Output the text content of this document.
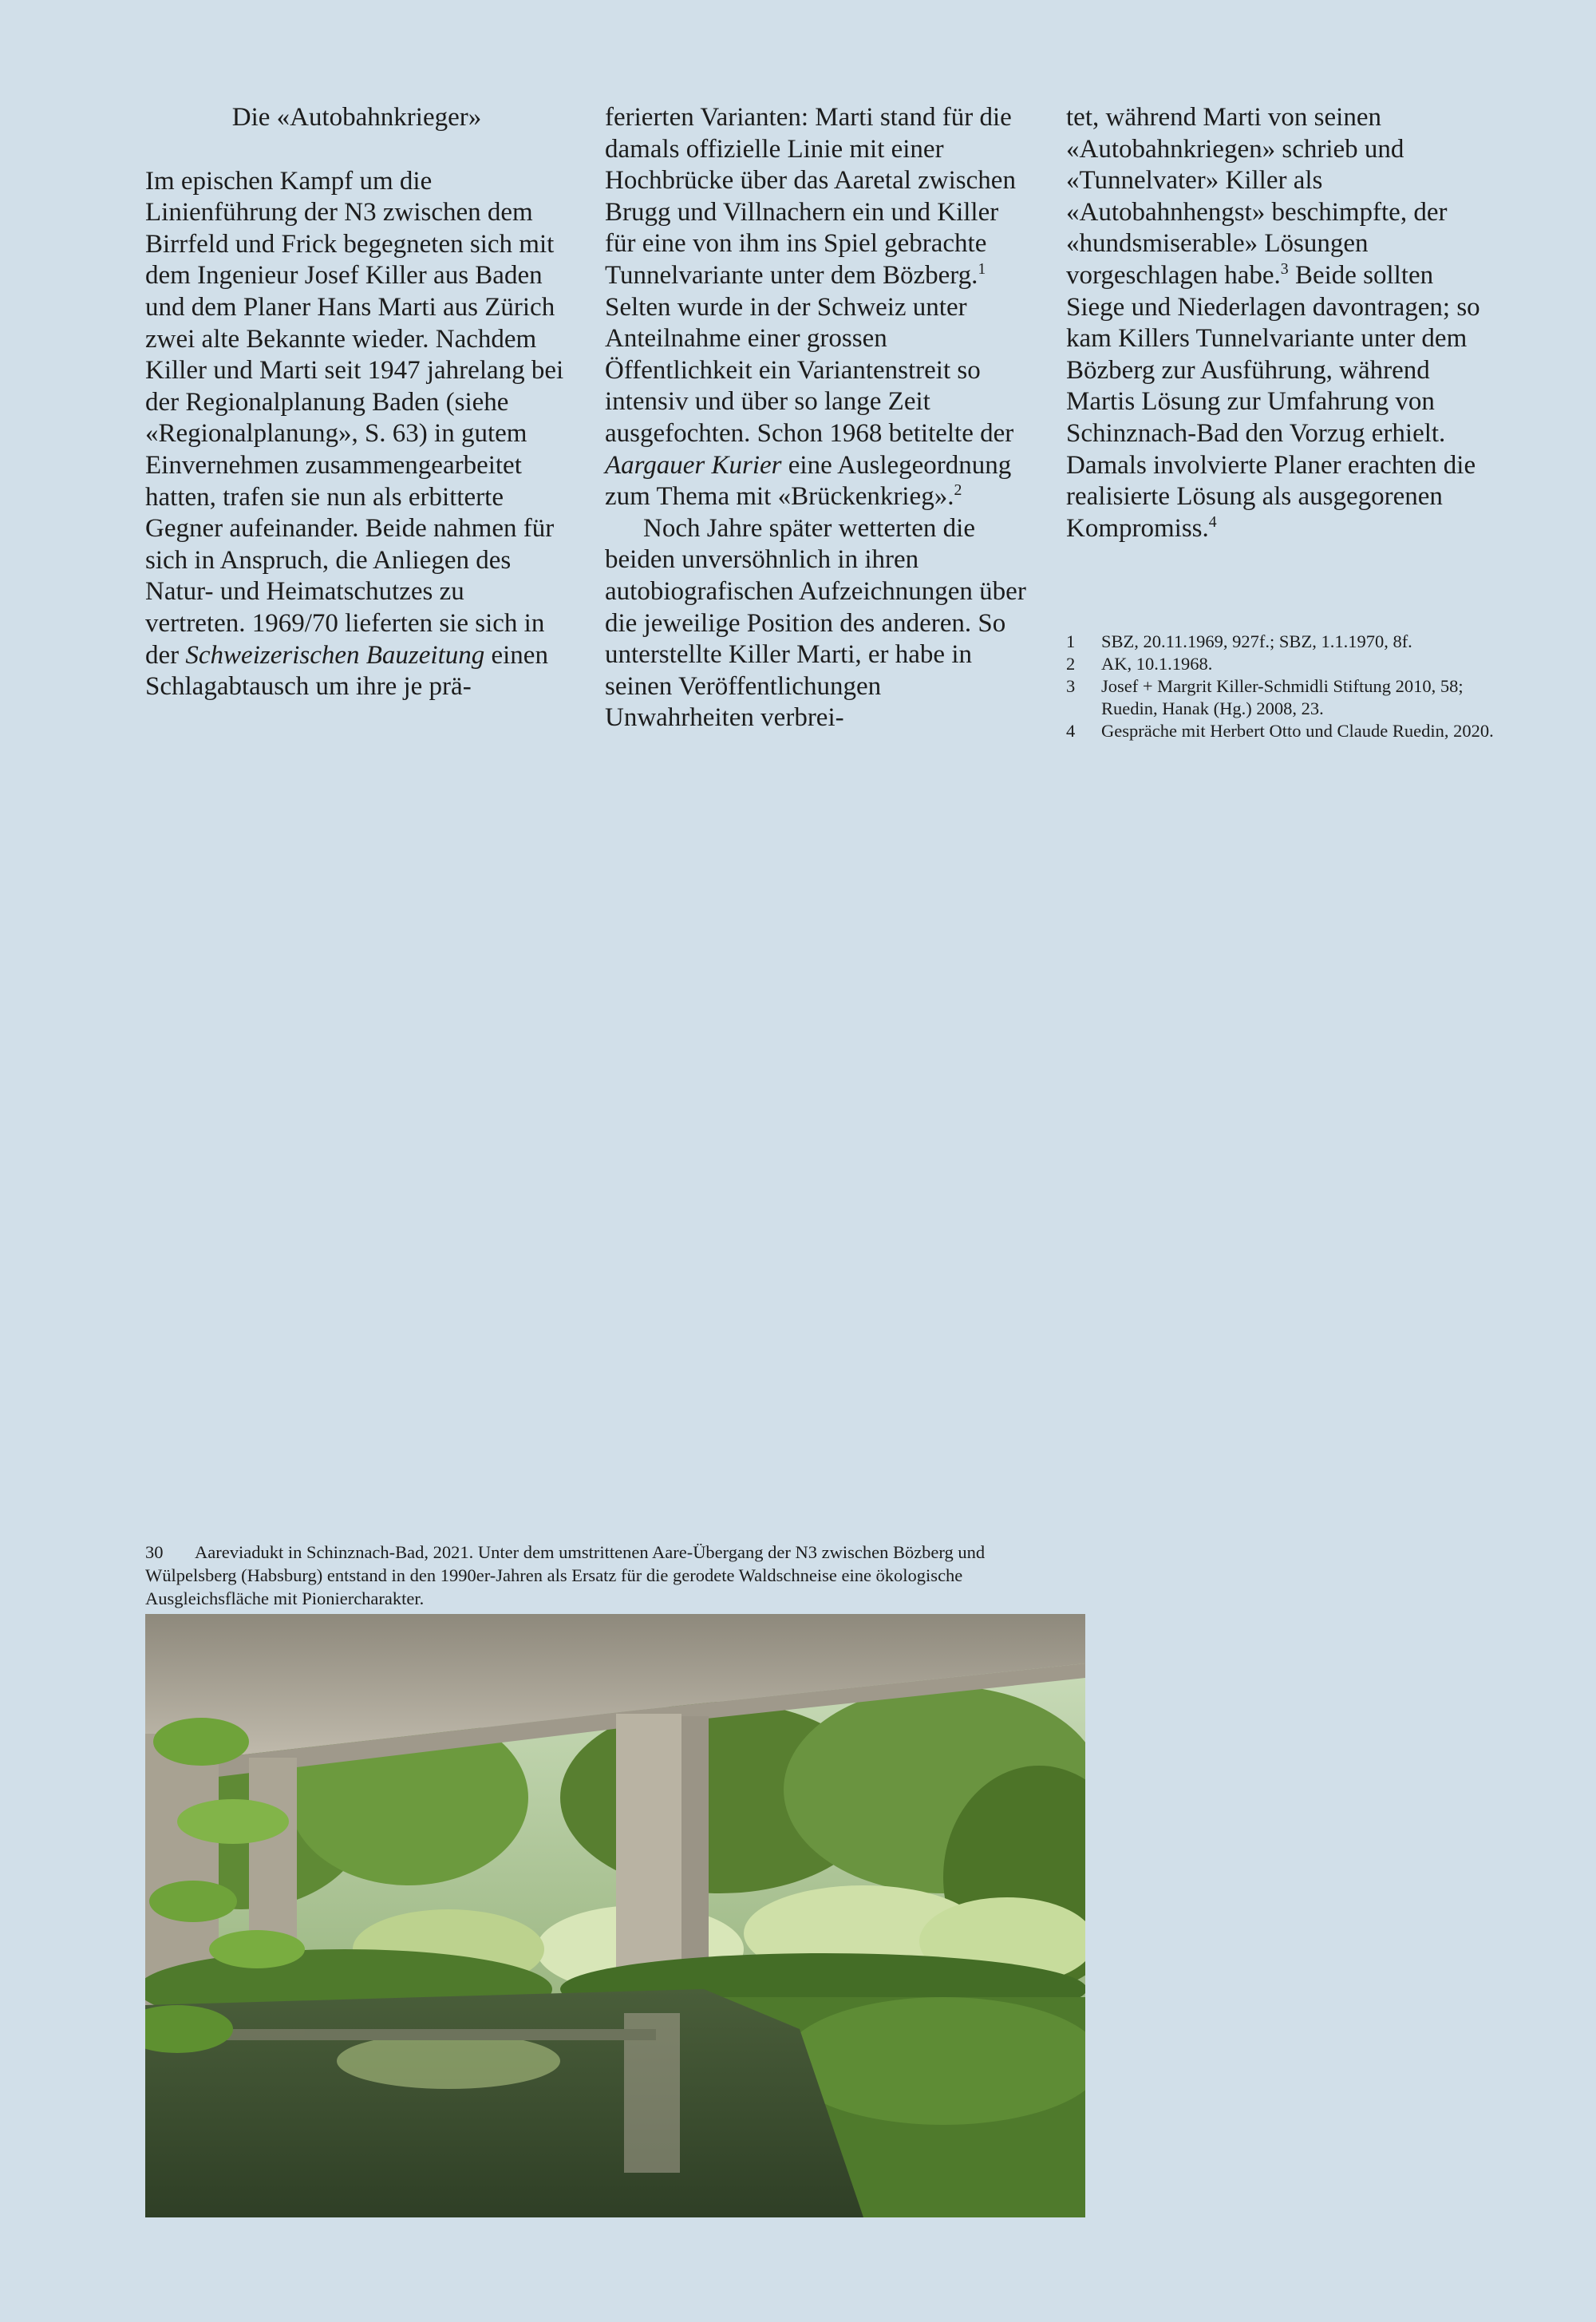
Die «Autobahnkrieger»

Im epischen Kampf um die Linienführung der N3 zwischen dem Birrfeld und Frick begegneten sich mit dem Ingenieur Josef Killer aus Baden und dem Planer Hans Marti aus Zürich zwei alte Bekannte wieder. Nachdem Killer und Marti seit 1947 jahrelang bei der Regionalplanung Baden (siehe «Regionalplanung», S. 63) in gutem Einvernehmen zusammengearbeitet hatten, trafen sie nun als erbitterte Gegner aufeinander. Beide nahmen für sich in Anspruch, die Anliegen des Natur- und Heimatschutzes zu vertreten. 1969/70 lieferten sie sich in der Schweizerischen Bauzeitung einen Schlagabtausch um ihre je prä-

ferierten Varianten: Marti stand für die damals offizielle Linie mit einer Hochbrücke über das Aaretal zwischen Brugg und Villnachern ein und Killer für eine von ihm ins Spiel gebrachte Tunnelvariante unter dem Bözberg.$^1$ Selten wurde in der Schweiz unter Anteilnahme einer grossen Öffentlichkeit ein Variantenstreit so intensiv und über so lange Zeit ausgefochten. Schon 1968 betitelte der Aargauer Kurier eine Auslegeordnung zum Thema mit «Brückenkrieg».$^2$

Noch Jahre später wetterten die beiden unversöhnlich in ihren autobiografischen Aufzeichnungen über die jeweilige Position des anderen. So unterstellte Killer Marti, er habe in seinen Veröffentlichungen Unwahrheiten verbrei-

tet, während Marti von seinen «Autobahnkriegen» schrieb und «Tunnelvater» Killer als «Autobahnhengst» beschimpfte, der «hundsmiserable» Lösungen vorgeschlagen habe.$^3$ Beide sollten Siege und Niederlagen davontragen; so kam Killers Tunnelvariante unter dem Bözberg zur Ausführung, während Martis Lösung zur Umfahrung von Schinznach-Bad den Vorzug erhielt. Damals involvierte Planer erachten die realisierte Lösung als ausgegorenen Kompromiss.$^4$

1	SBZ, 20.11.1969, 927f.; SBZ, 1.1.1970, 8f.
2	AK, 10.1.1968.
3	Josef + Margrit Killer-Schmidli Stiftung 2010, 58; Ruedin, Hanak (Hg.) 2008, 23.
4	Gespräche mit Herbert Otto und Claude Ruedin, 2020.
30 Aareviadukt in Schinznach-Bad, 2021. Unter dem umstrittenen Aare-Übergang der N3 zwischen Bözberg und Wülpelsberg (Habsburg) entstand in den 1990er-Jahren als Ersatz für die gerodete Waldschneise eine ökologische Ausgleichsfläche mit Pioniercharakter.
